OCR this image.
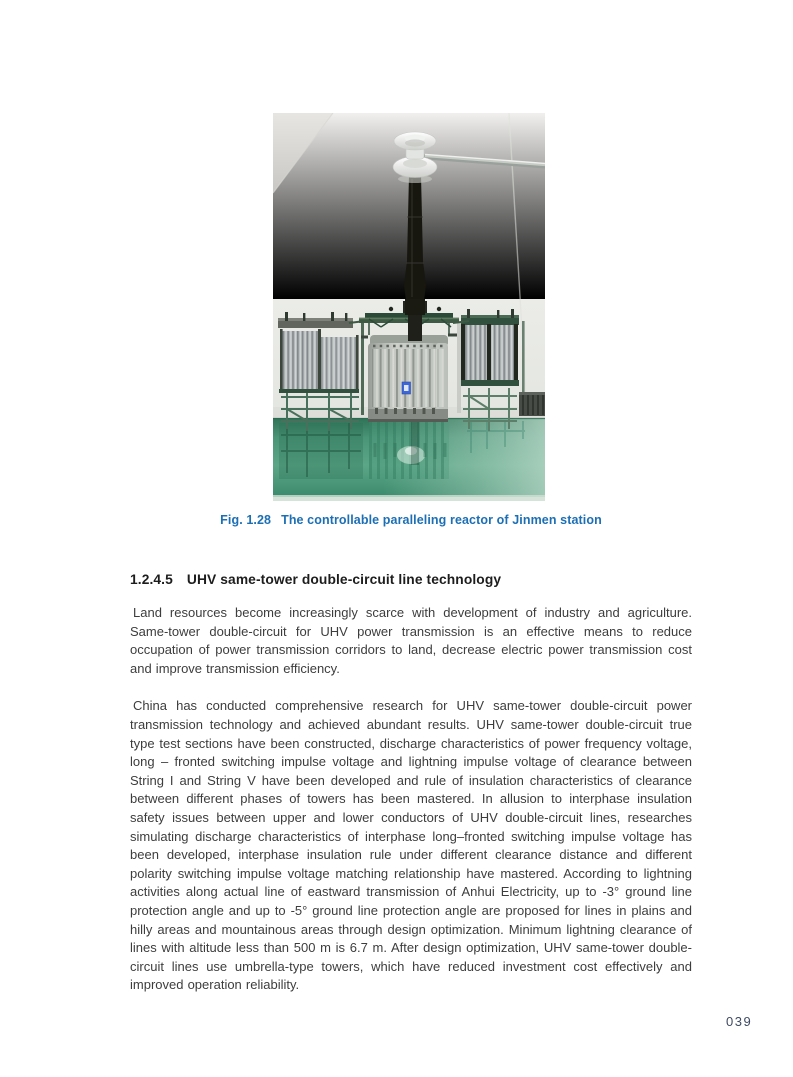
Fig. 1.28 The controllable paralleling reactor of Jinmen station
1.2.4.5 UHV same-tower double-circuit line technology

Land resources become increasingly scarce with development of industry and agriculture. Same-tower double-circuit for UHV power transmission is an effective means to reduce occupation of power transmission corridors to land, decrease electric power transmission cost and improve transmission efficiency.

China has conducted comprehensive research for UHV same-tower double-circuit power transmission technology and achieved abundant results. UHV same-tower double-circuit true type test sections have been constructed, discharge characteristics of power frequency voltage, long – fronted switching impulse voltage and lightning impulse voltage of clearance between String I and String V have been developed and rule of insulation characteristics of clearance between different phases of towers has been mastered. In allusion to interphase insulation safety issues between upper and lower conductors of UHV double-circuit lines, researches simulating discharge characteristics of interphase long–fronted switching impulse voltage has been developed, interphase insulation rule under different clearance distance and different polarity switching impulse voltage matching relationship have mastered. According to lightning activities along actual line of eastward transmission of Anhui Electricity, up to -3° ground line protection angle and up to -5° ground line protection angle are proposed for lines in plains and hilly areas and mountainous areas through design optimization. Minimum lightning clearance of lines with altitude less than 500 m is 6.7 m. After design optimization, UHV same-tower double-circuit lines use umbrella-type towers, which have reduced investment cost effectively and improved operation reliability.

039
